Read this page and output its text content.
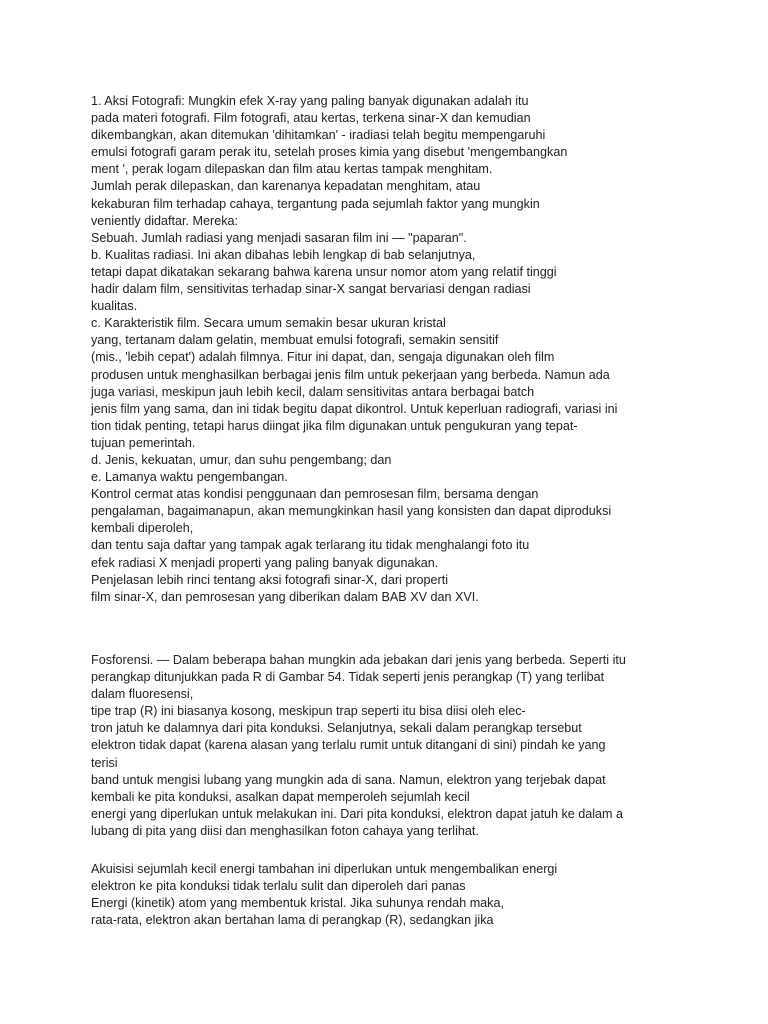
1. Aksi Fotografi: Mungkin efek X-ray yang paling banyak digunakan adalah itu
pada materi fotografi. Film fotografi, atau kertas, terkena sinar-X dan kemudian
dikembangkan, akan ditemukan 'dihitamkan' - iradiasi telah begitu mempengaruhi
emulsi fotografi garam perak itu, setelah proses kimia yang disebut 'mengembangkan
ment ', perak logam dilepaskan dan film atau kertas tampak menghitam.
Jumlah perak dilepaskan, dan karenanya kepadatan menghitam, atau
kekaburan film terhadap cahaya, tergantung pada sejumlah faktor yang mungkin
veniently didaftar. Mereka:
Sebuah. Jumlah radiasi yang menjadi sasaran film ini — "paparan".
b. Kualitas radiasi. Ini akan dibahas lebih lengkap di bab selanjutnya,
tetapi dapat dikatakan sekarang bahwa karena unsur nomor atom yang relatif tinggi
hadir dalam film, sensitivitas terhadap sinar-X sangat bervariasi dengan radiasi
kualitas.
c. Karakteristik film. Secara umum semakin besar ukuran kristal
yang, tertanam dalam gelatin, membuat emulsi fotografi, semakin sensitif
(mis., 'lebih cepat') adalah filmnya. Fitur ini dapat, dan, sengaja digunakan oleh film
produsen untuk menghasilkan berbagai jenis film untuk pekerjaan yang berbeda. Namun ada
juga variasi, meskipun jauh lebih kecil, dalam sensitivitas antara berbagai batch
jenis film yang sama, dan ini tidak begitu dapat dikontrol. Untuk keperluan radiografi, variasi ini
tion tidak penting, tetapi harus diingat jika film digunakan untuk pengukuran yang tepat-
tujuan pemerintah.
d. Jenis, kekuatan, umur, dan suhu pengembang; dan
e. Lamanya waktu pengembangan.
Kontrol cermat atas kondisi penggunaan dan pemrosesan film, bersama dengan
pengalaman, bagaimanapun, akan memungkinkan hasil yang konsisten dan dapat diproduksi
kembali diperoleh,
dan tentu saja daftar yang tampak agak terlarang itu tidak menghalangi foto itu
efek radiasi X menjadi properti yang paling banyak digunakan.
Penjelasan lebih rinci tentang aksi fotografi sinar-X, dari properti
film sinar-X, dan pemrosesan yang diberikan dalam BAB XV dan XVI.
Fosforensi. — Dalam beberapa bahan mungkin ada jebakan dari jenis yang berbeda. Seperti itu
perangkap ditunjukkan pada R di Gambar 54. Tidak seperti jenis perangkap (T) yang terlibat
dalam fluoresensi,
tipe trap (R) ini biasanya kosong, meskipun trap seperti itu bisa diisi oleh elec-
tron jatuh ke dalamnya dari pita konduksi. Selanjutnya, sekali dalam perangkap tersebut
elektron tidak dapat (karena alasan yang terlalu rumit untuk ditangani di sini) pindah ke yang
terisi
band untuk mengisi lubang yang mungkin ada di sana. Namun, elektron yang terjebak dapat
kembali ke pita konduksi, asalkan dapat memperoleh sejumlah kecil
energi yang diperlukan untuk melakukan ini. Dari pita konduksi, elektron dapat jatuh ke dalam a
lubang di pita yang diisi dan menghasilkan foton cahaya yang terlihat.
Akuisisi sejumlah kecil energi tambahan ini diperlukan untuk mengembalikan energi
elektron ke pita konduksi tidak terlalu sulit dan diperoleh dari panas
Energi (kinetik) atom yang membentuk kristal. Jika suhunya rendah maka,
rata-rata, elektron akan bertahan lama di perangkap (R), sedangkan jika
